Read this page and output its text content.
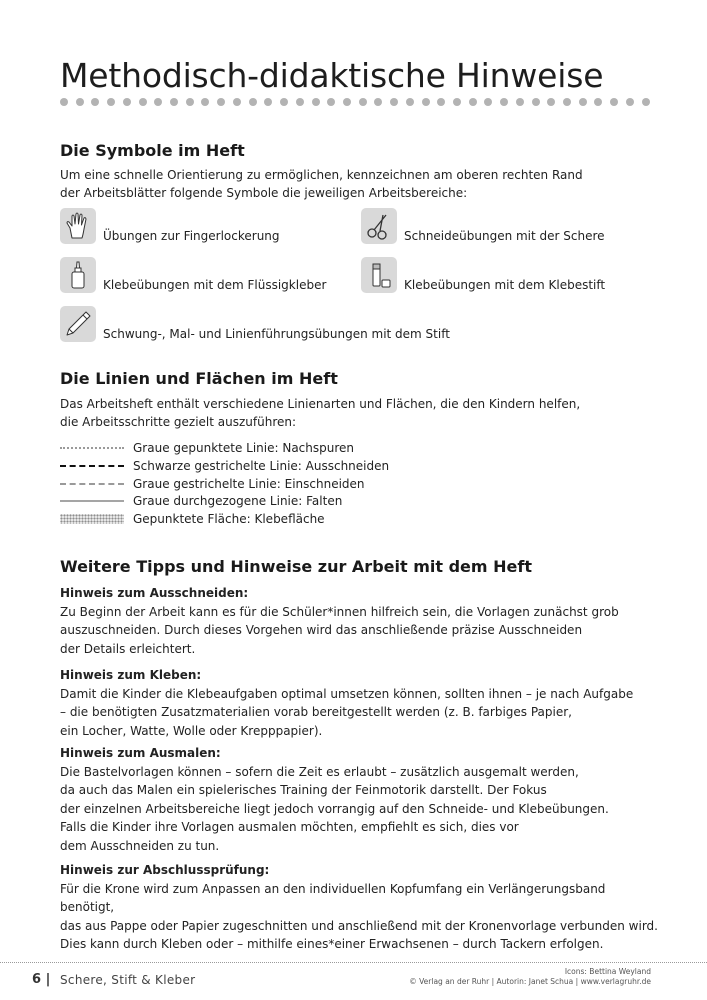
Methodisch-didaktische Hinweise
Die Symbole im Heft
Um eine schnelle Orientierung zu ermöglichen, kennzeichnen am oberen rechten Rand
der Arbeitsblätter folgende Symbole die jeweiligen Arbeitsbereiche:
Übungen zur Fingerlockerung	Schneideübungen mit der Schere
Klebeübungen mit dem Flüssigkleber	Klebeübungen mit dem Klebestift
Schwung-, Mal- und Linienführungsübungen mit dem Stift
Die Linien und Flächen im Heft
Das Arbeitsheft enthält verschiedene Linienarten und Flächen, die den Kindern helfen,
die Arbeitsschritte gezielt auszuführen:
Graue gepunktete Linie: Nachspuren
Schwarze gestrichelte Linie: Ausschneiden
Graue gestrichelte Linie: Einschneiden
Graue durchgezogene Linie: Falten
Gepunktete Fläche: Klebefläche
Weitere Tipps und Hinweise zur Arbeit mit dem Heft
Hinweis zum Ausschneiden:
Zu Beginn der Arbeit kann es für die Schüler*innen hilfreich sein, die Vorlagen zunächst grob
auszuschneiden. Durch dieses Vorgehen wird das anschließende präzise Ausschneiden
der Details erleichtert.
Hinweis zum Kleben:
Damit die Kinder die Klebeaufgaben optimal umsetzen können, sollten ihnen – je nach Aufgabe
– die benötigten Zusatzmaterialien vorab bereitgestellt werden (z. B. farbiges Papier,
ein Locher, Watte, Wolle oder Krepppapier).
Hinweis zum Ausmalen:
Die Bastelvorlagen können – sofern die Zeit es erlaubt – zusätzlich ausgemalt werden,
da auch das Malen ein spielerisches Training der Feinmotorik darstellt. Der Fokus
der einzelnen Arbeitsbereiche liegt jedoch vorrangig auf den Schneide- und Klebeübungen.
Falls die Kinder ihre Vorlagen ausmalen möchten, empfiehlt es sich, dies vor
dem Ausschneiden zu tun.
Hinweis zur Abschlussprüfung:
Für die Krone wird zum Anpassen an den individuellen Kopfumfang ein Verlängerungsband benötigt,
das aus Pappe oder Papier zugeschnitten und anschließend mit der Kronenvorlage verbunden wird.
Dies kann durch Kleben oder – mithilfe eines*einer Erwachsenen – durch Tackern erfolgen.
6 | Schere, Stift & Kleber
Icons: Bettina Weyland
© Verlag an der Ruhr | Autorin: Janet Schua | www.verlagruhr.de
